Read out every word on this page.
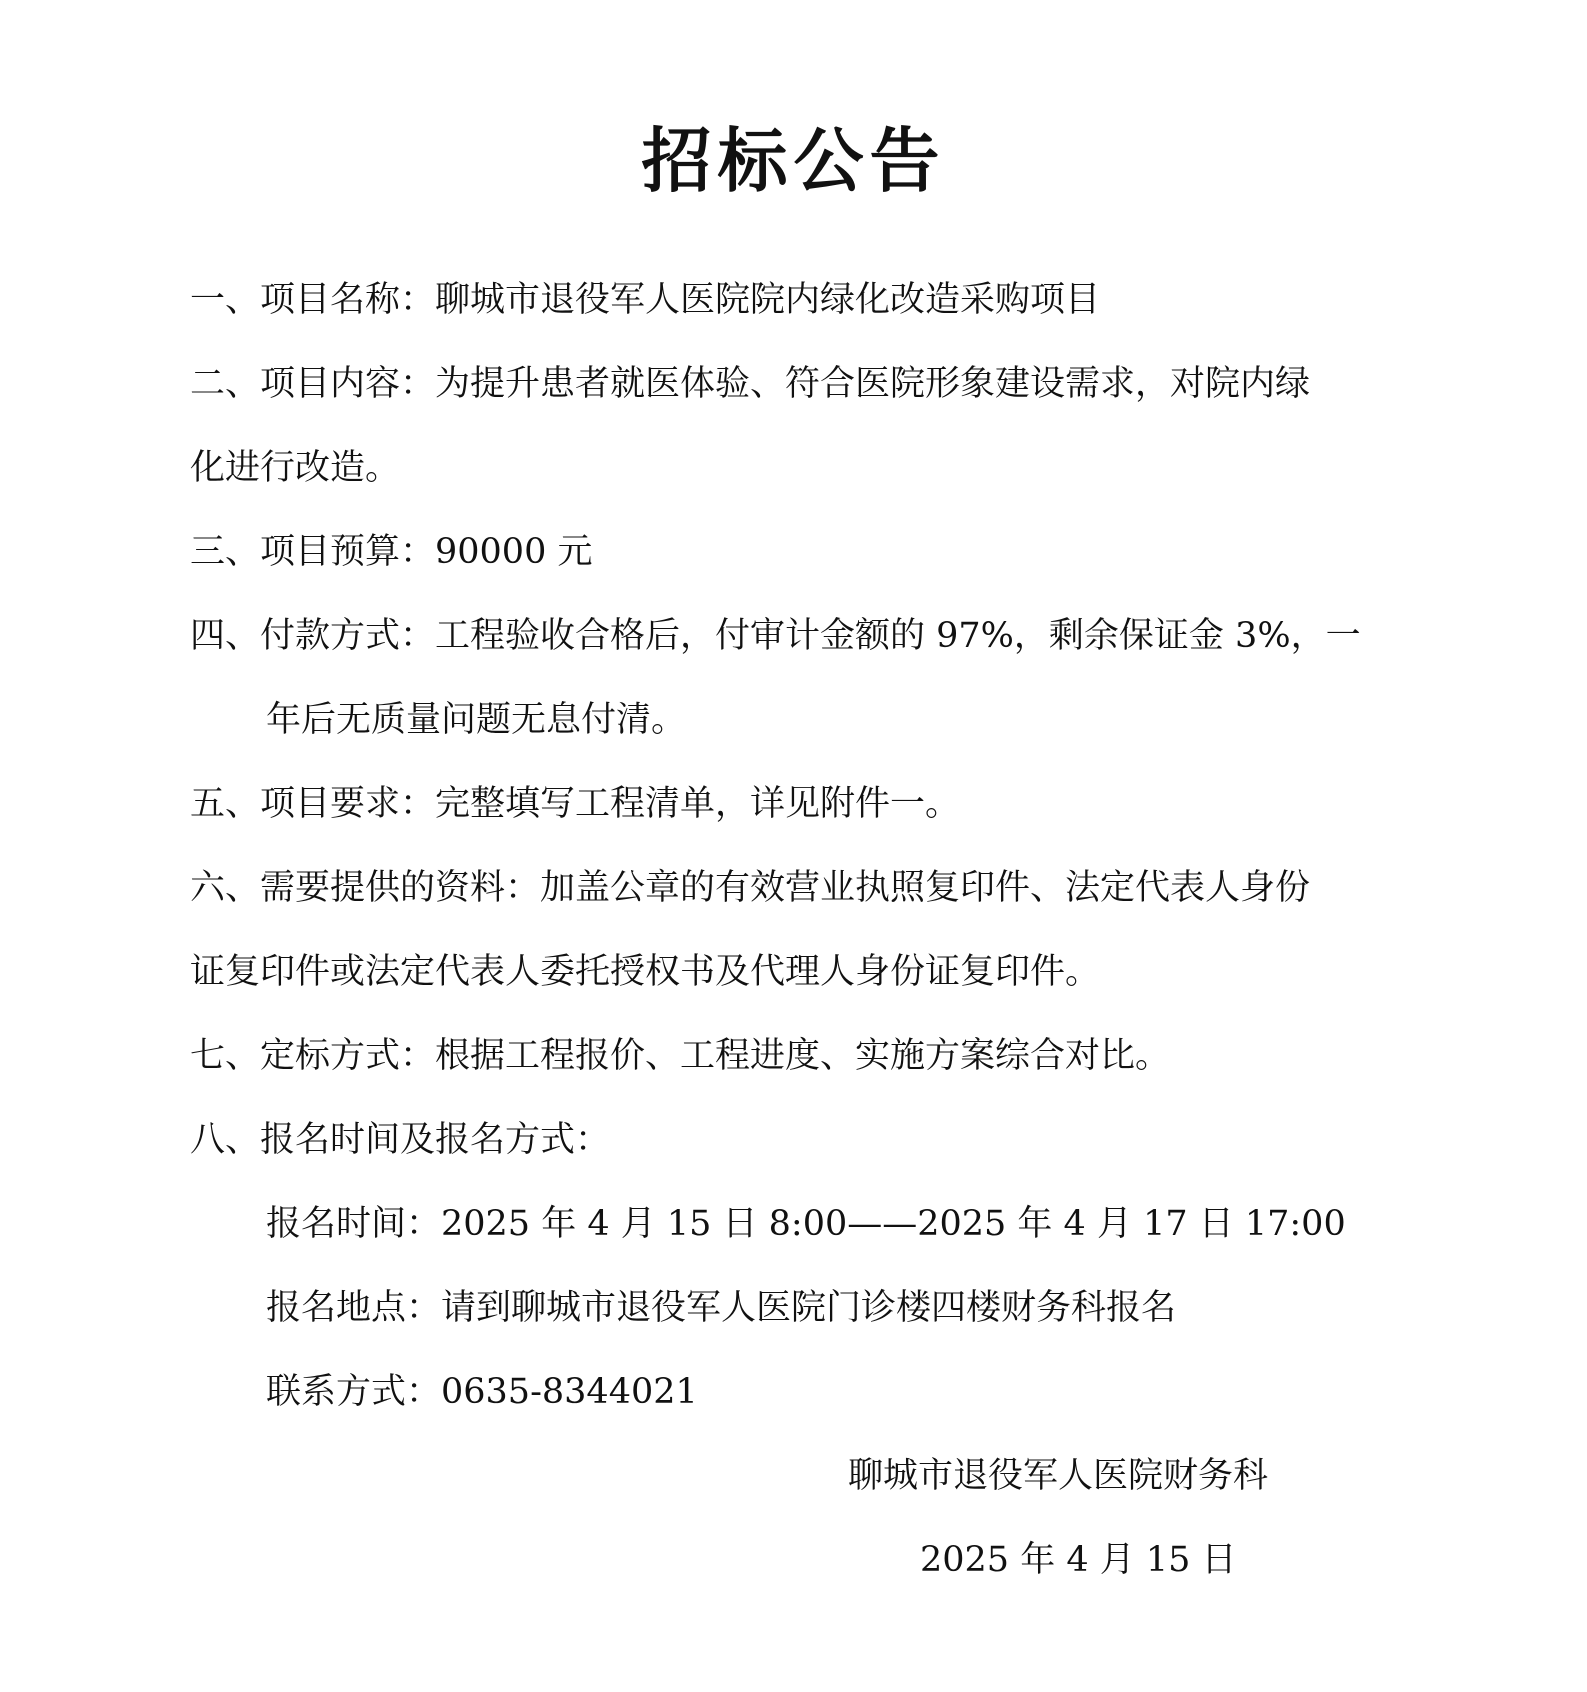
招标公告
一、项目名称：聊城市退役军人医院院内绿化改造采购项目
二、项目内容：为提升患者就医体验、符合医院形象建设需求，对院内绿
化进行改造。
三、项目预算：90000 元
四、付款方式：工程验收合格后，付审计金额的 97%，剩余保证金 3%，一
年后无质量问题无息付清。
五、项目要求：完整填写工程清单，详见附件一。
六、需要提供的资料：加盖公章的有效营业执照复印件、法定代表人身份
证复印件或法定代表人委托授权书及代理人身份证复印件。
七、定标方式：根据工程报价、工程进度、实施方案综合对比。
八、报名时间及报名方式：
报名时间：2025 年 4 月 15 日 8:00——2025 年 4 月 17 日 17:00
报名地点：请到聊城市退役军人医院门诊楼四楼财务科报名
联系方式：0635-8344021
聊城市退役军人医院财务科
2025 年 4 月 15 日
